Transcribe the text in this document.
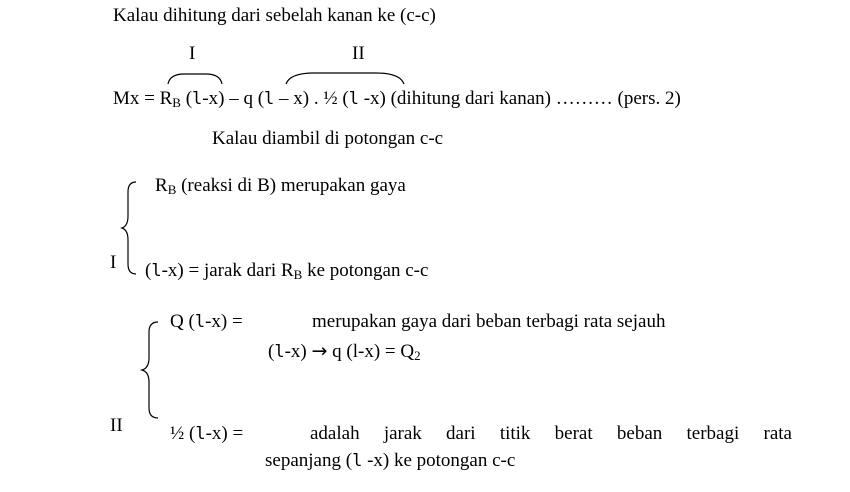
Kalau dihitung dari sebelah kanan ke (c-c)
I	II
$Mx = R_B$ (l-x) – q (l – x) . ½ (l -x) (dihitung dari kanan) ……… (pers. 2)
Kalau diambil di potongan c-c
$R_B$ (reaksi di B) merupakan gaya
I (l-x) = jarak dari $R_B$ ke potongan c-c
Q (l-x) =	merupakan gaya dari beban terbagi rata sejauh
(l-x) → q $(l-x) = Q_2$
II ½ (l-x) =	adalah jarak dari titik berat beban terbagi rata
sepanjang (l -x) ke potongan c-c
